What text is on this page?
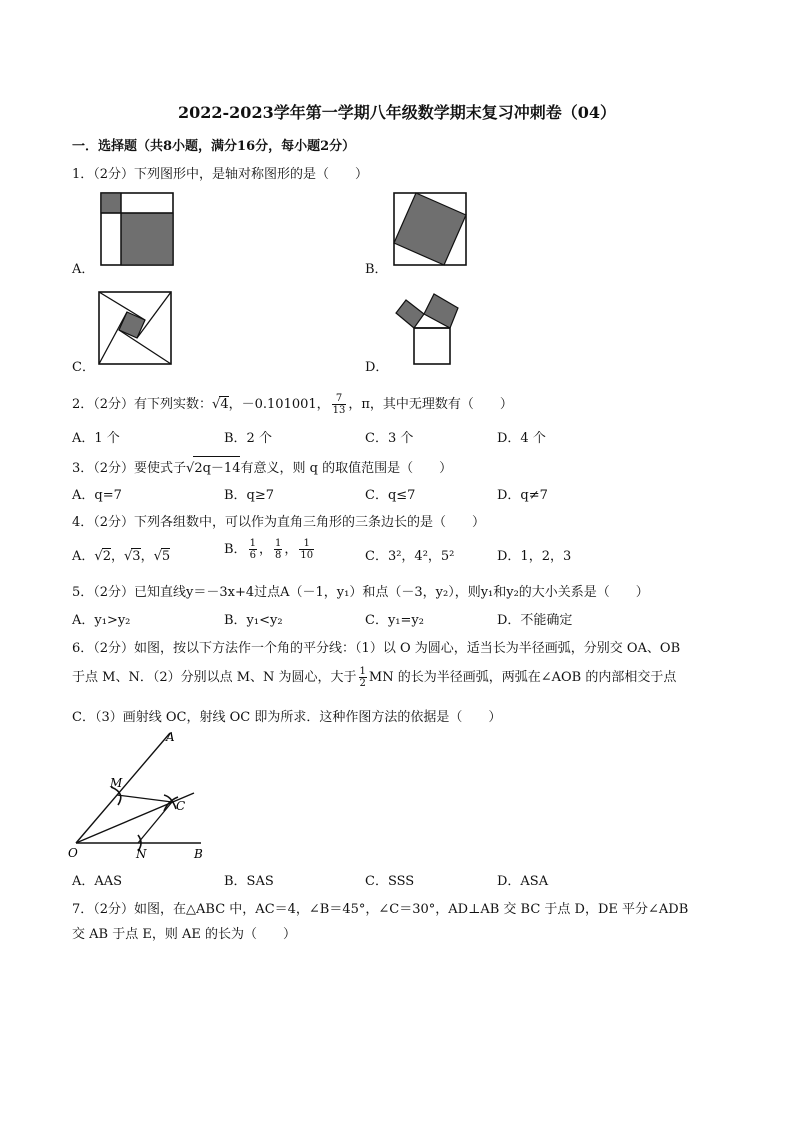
2022-2023学年第一学期八年级数学期末复习冲刺卷（04）
一．选择题（共8小题，满分16分，每小题2分）
1．（2分）下列图形中，是轴对称图形的是（　　）
A．	B．
C．	D．
2．（2分）有下列实数：√4，－0.101001， $\frac{7}{13}$ ，π，其中无理数有（　　）
A．1 个	B．2 个	C．3 个	D．4 个
3．（2分）要使式子√2q－14有意义，则 q 的取值范围是（　　）
A．q=7	B．q≥7	C．q≤7	D．q≠7
4．（2分）下列各组数中，可以作为直角三角形的三条边长的是（　　）
A．√2，√3，√5	B． $\frac{1}{6}$ ， $\frac{1}{8}$ ， $\frac{1}{10}$	C．3²，4²，5²	D．1，2，3
5．（2分）已知直线y＝－3x+4过点A（－1，y₁）和点（－3，y₂），则y₁和y₂的大小关系是（　　）
A．y₁>y₂	B．y₁<y₂	C．y₁=y₂	D．不能确定
6．（2分）如图，按以下方法作一个角的平分线：（1）以 O 为圆心，适当长为半径画弧，分别交 OA、OB
于点 M、N．（2）分别以点 M、N 为圆心，大于 $\frac{1}{2}$ MN 的长为半径画弧，两弧在∠AOB 的内部相交于点
C．（3）画射线 OC，射线 OC 即为所求．这种作图方法的依据是（　　）
A
M
C
O	N	B
A．AAS	B．SAS	C．SSS	D．ASA
7．（2分）如图，在△ABC 中，AC＝4，∠B＝45°，∠C＝30°，AD⊥AB 交 BC 于点 D，DE 平分∠ADB
交 AB 于点 E，则 AE 的长为（　　）
